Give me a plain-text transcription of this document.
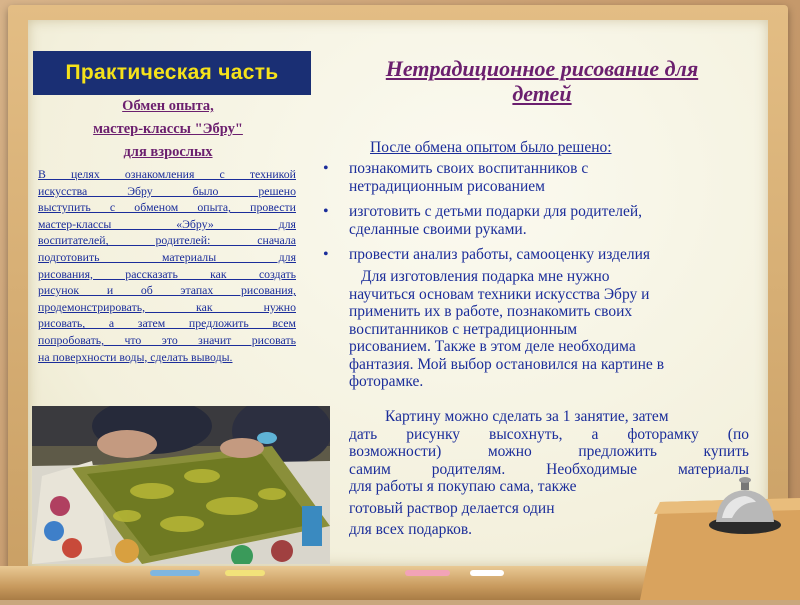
Практическая часть
Обмен опыта,
мастер-классы "Эбру"
для взрослых
В целях ознакомления с техникой
искусства Эбру было решено
выступить с обменом опыта, провести
мастер-классы «Эбру» для
воспитателей, родителей: сначала
подготовить материалы для
рисования, рассказать как создать
рисунок и об этапах рисования,
продемонстрировать, как нужно
рисовать, а затем предложить всем
попробовать, что это значит рисовать
на поверхности воды, сделать выводы.
Нетрадиционное рисование для
детей
После обмена опытом было решено:
• познакомить своих воспитанников с
нетрадиционным рисованием
• изготовить с детьми подарки для родителей,
сделанные своими руками.
• провести анализ работы, самооценку изделия
Для изготовления подарка мне нужно
научиться основам техники искусства Эбру и
применить их в работе, познакомить своих
воспитанников с нетрадиционным
рисованием. Также в этом деле необходима
фантазия. Мой выбор остановился на картине в
фоторамке.
Картину можно сделать за 1 занятие, затем
дать рисунку высохнуть, а фоторамку (по
возможности) можно предложить купить
самим родителям. Необходимые материалы
для работы я покупаю сама, также
готовый раствор делается один
для всех подарков.
